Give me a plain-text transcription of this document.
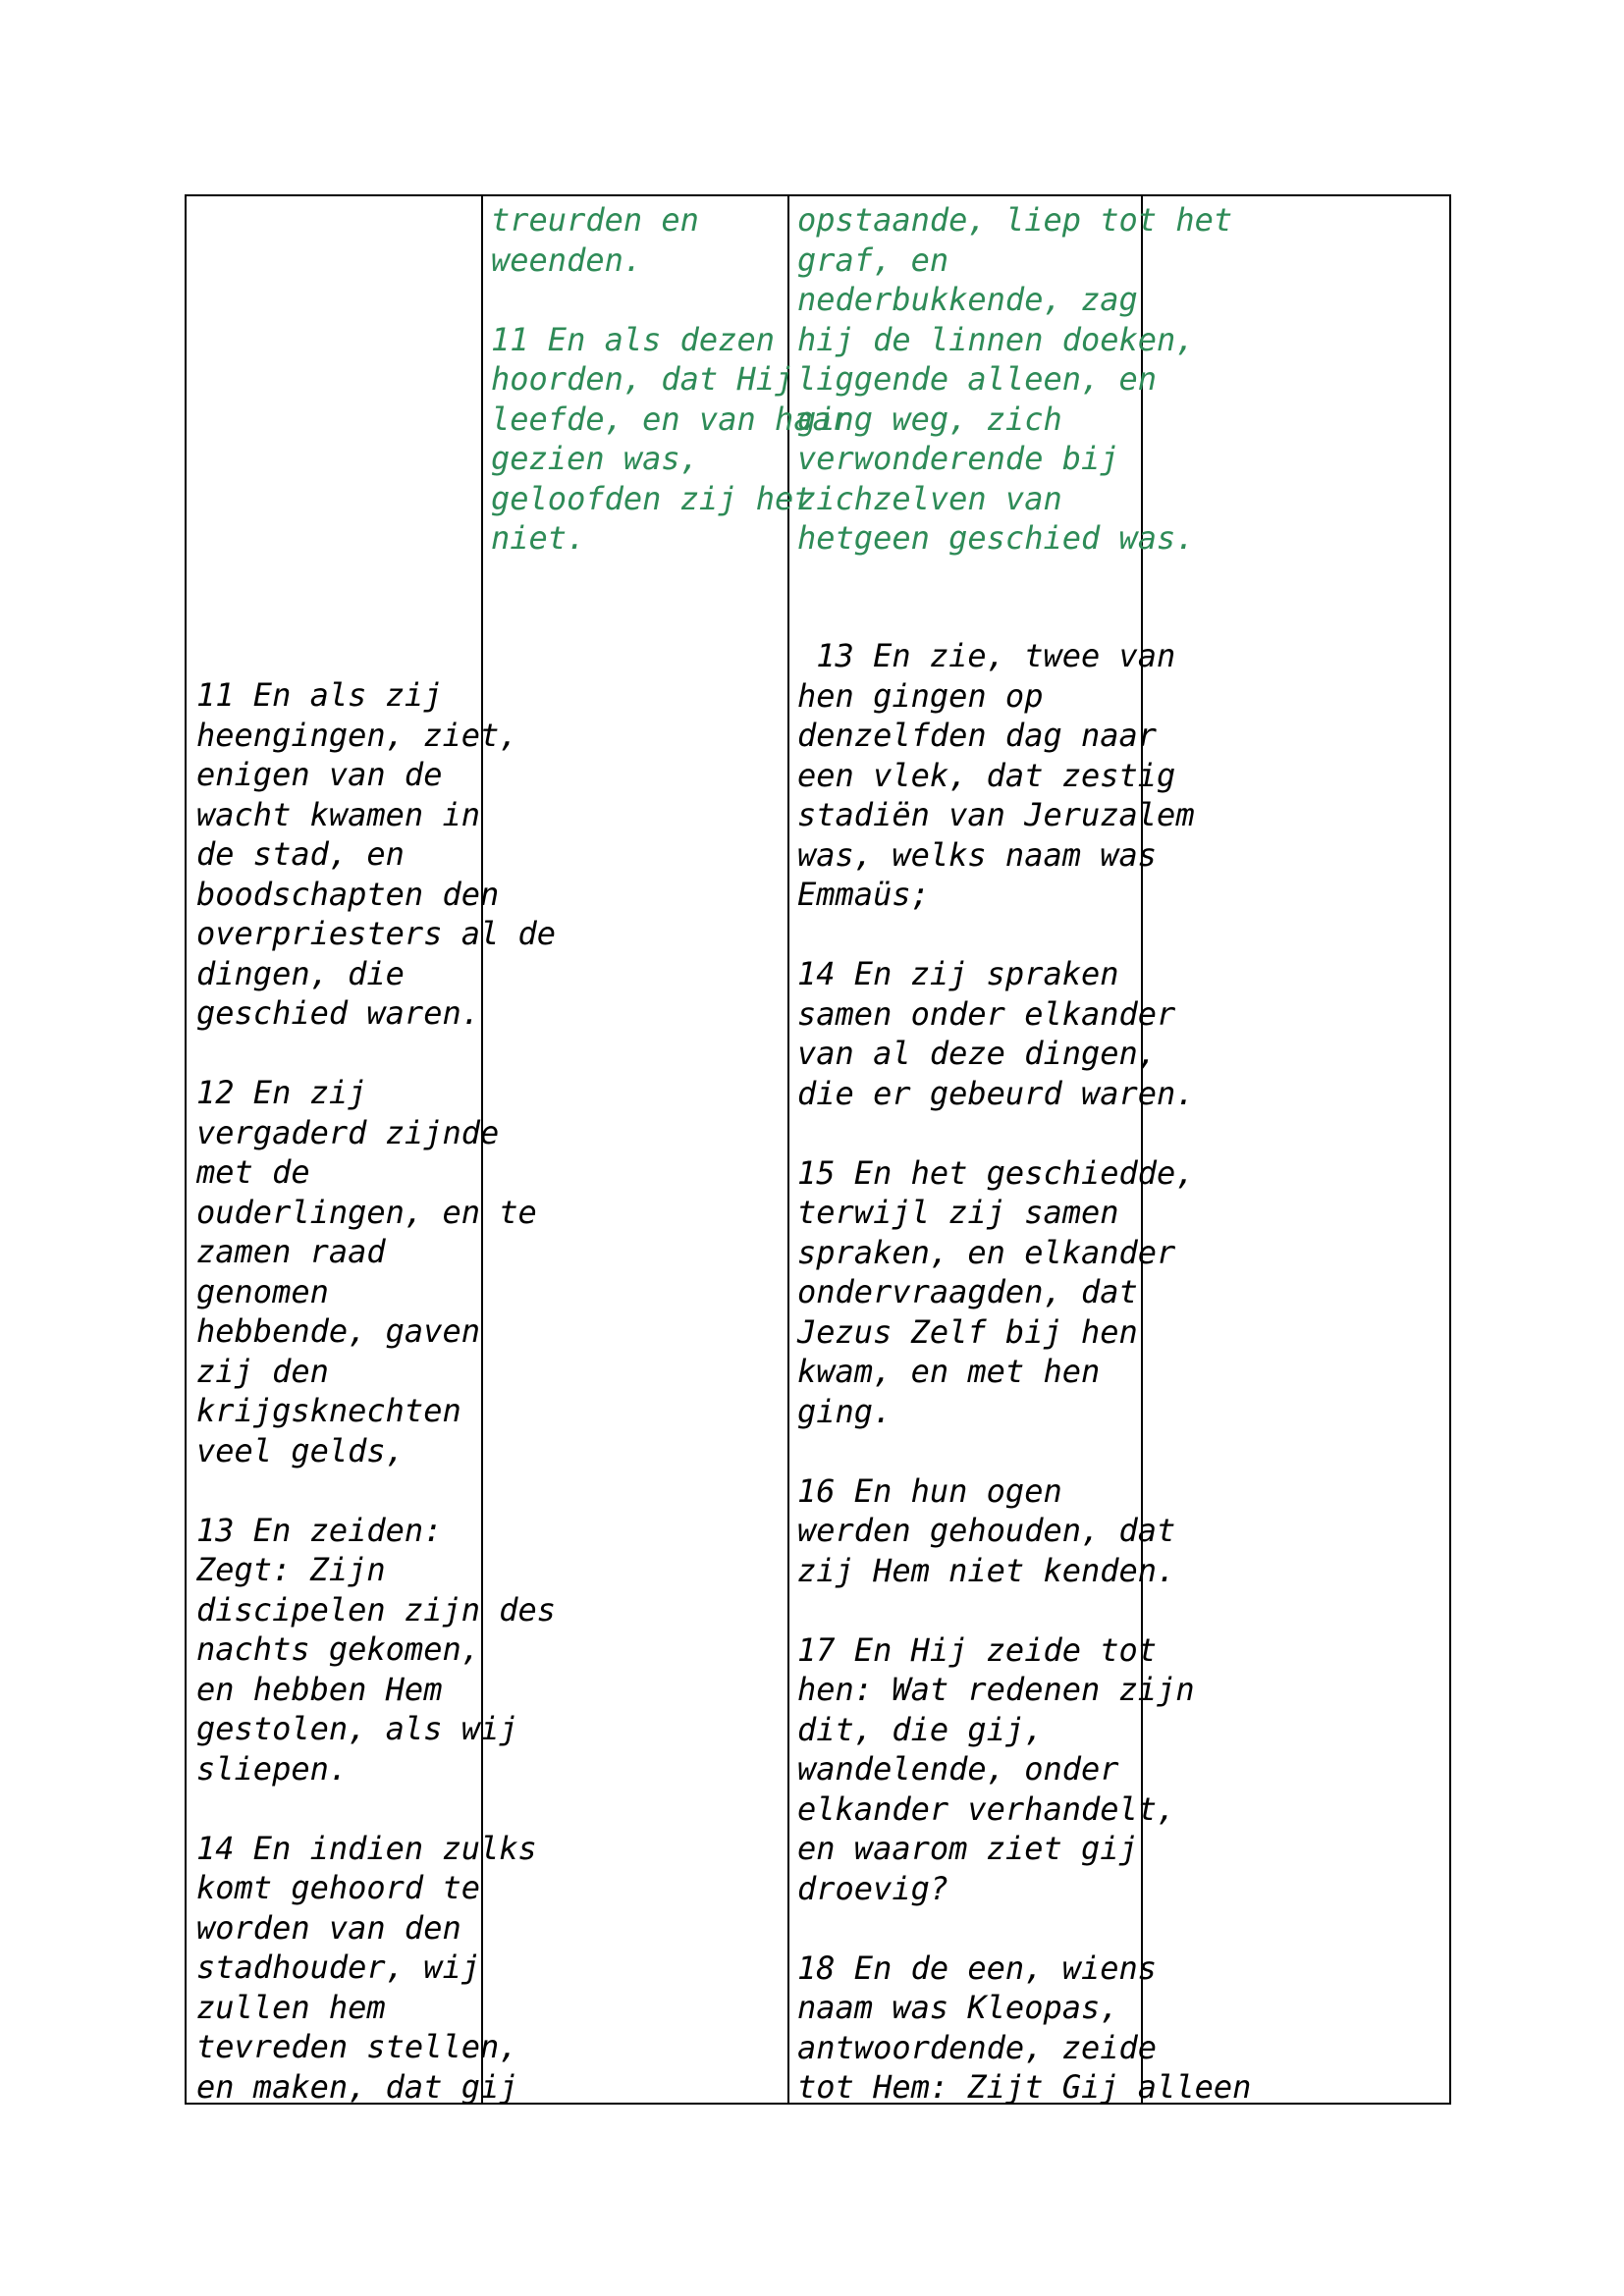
11 En als zij
heengingen, ziet,
enigen van de
wacht kwamen in
de stad, en
boodschapten den
overpriesters al de
dingen, die
geschied waren.

12 En zij
vergaderd zijnde
met de
ouderlingen, en te
zamen raad
genomen
hebbende, gaven
zij den
krijgsknechten
veel gelds,

13 En zeiden:
Zegt: Zijn
discipelen zijn des
nachts gekomen,
en hebben Hem
gestolen, als wij
sliepen.

14 En indien zulks
komt gehoord te
worden van den
stadhouder, wij
zullen hem
tevreden stellen,
en maken, dat gij
treurden en
weenden.

11 En als dezen
hoorden, dat Hij
leefde, en van haar
gezien was,
geloofden zij het
niet.
opstaande, liep tot het
graf, en
nederbukkende, zag
hij de linnen doeken,
liggende alleen, en
ging weg, zich
verwonderende bij
zichzelven van
hetgeen geschied was.
13 En zie, twee van
hen gingen op
denzelfden dag naar
een vlek, dat zestig
stadiën van Jeruzalem
was, welks naam was
Emmaüs;

14 En zij spraken
samen onder elkander
van al deze dingen,
die er gebeurd waren.

15 En het geschiedde,
terwijl zij samen
spraken, en elkander
ondervraagden, dat
Jezus Zelf bij hen
kwam, en met hen
ging.

16 En hun ogen
werden gehouden, dat
zij Hem niet kenden.

17 En Hij zeide tot
hen: Wat redenen zijn
dit, die gij,
wandelende, onder
elkander verhandelt,
en waarom ziet gij
droevig?

18 En de een, wiens
naam was Kleopas,
antwoordende, zeide
tot Hem: Zijt Gij alleen
